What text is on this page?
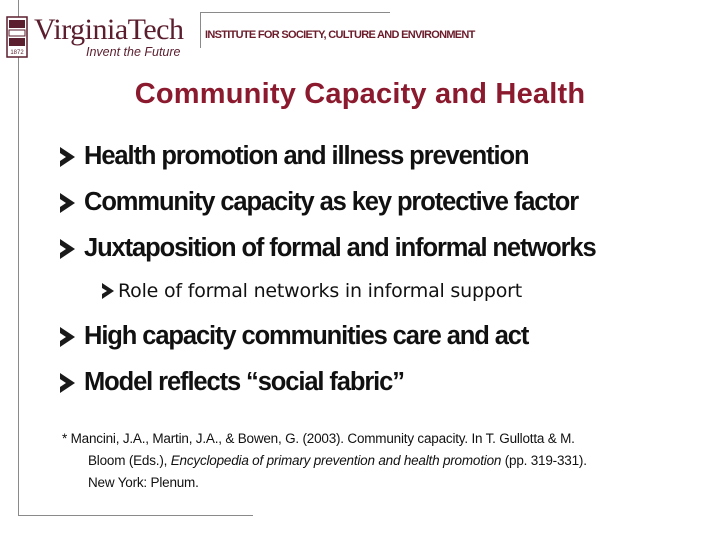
1872
VirginiaTech
Invent the Future
INSTITUTE FOR SOCIETY, CULTURE AND ENVIRONMENT
Community Capacity and Health
Health promotion and illness prevention
Community capacity as key protective factor
Juxtaposition of formal and informal networks
Role of formal networks in informal support
High capacity communities care and act
Model reflects “social fabric”
* Mancini, J.A., Martin, J.A., & Bowen, G. (2003). Community capacity. In T. Gullotta & M.
Bloom (Eds.), Encyclopedia of primary prevention and health promotion (pp. 319-331).
New York: Plenum.
